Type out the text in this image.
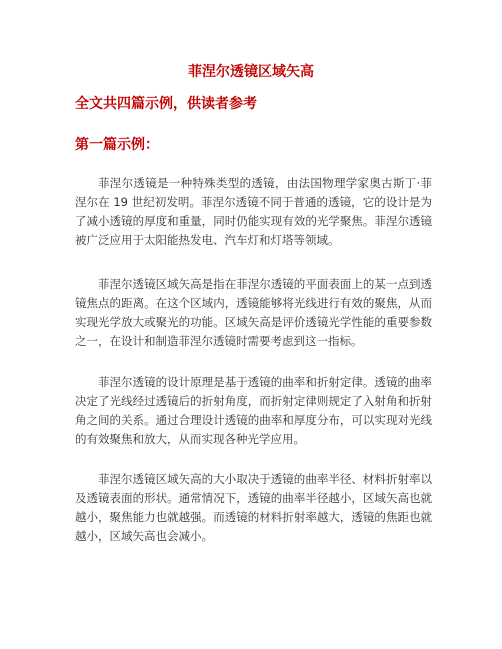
菲涅尔透镜区域矢高
全文共四篇示例，供读者参考
第一篇示例：

菲涅尔透镜是一种特殊类型的透镜，由法国物理学家奥古斯丁·菲涅尔在 19 世纪初发明。菲涅尔透镜不同于普通的透镜，它的设计是为了减小透镜的厚度和重量，同时仍能实现有效的光学聚焦。菲涅尔透镜被广泛应用于太阳能热发电、汽车灯和灯塔等领域。

菲涅尔透镜区域矢高是指在菲涅尔透镜的平面表面上的某一点到透镜焦点的距离。在这个区域内，透镜能够将光线进行有效的聚焦，从而实现光学放大或聚光的功能。区域矢高是评价透镜光学性能的重要参数之一，在设计和制造菲涅尔透镜时需要考虑到这一指标。

菲涅尔透镜的设计原理是基于透镜的曲率和折射定律。透镜的曲率决定了光线经过透镜后的折射角度，而折射定律则规定了入射角和折射角之间的关系。通过合理设计透镜的曲率和厚度分布，可以实现对光线的有效聚焦和放大，从而实现各种光学应用。

菲涅尔透镜区域矢高的大小取决于透镜的曲率半径、材料折射率以及透镜表面的形状。通常情况下，透镜的曲率半径越小，区域矢高也就越小，聚焦能力也就越强。而透镜的材料折射率越大，透镜的焦距也就越小，区域矢高也会减小。
